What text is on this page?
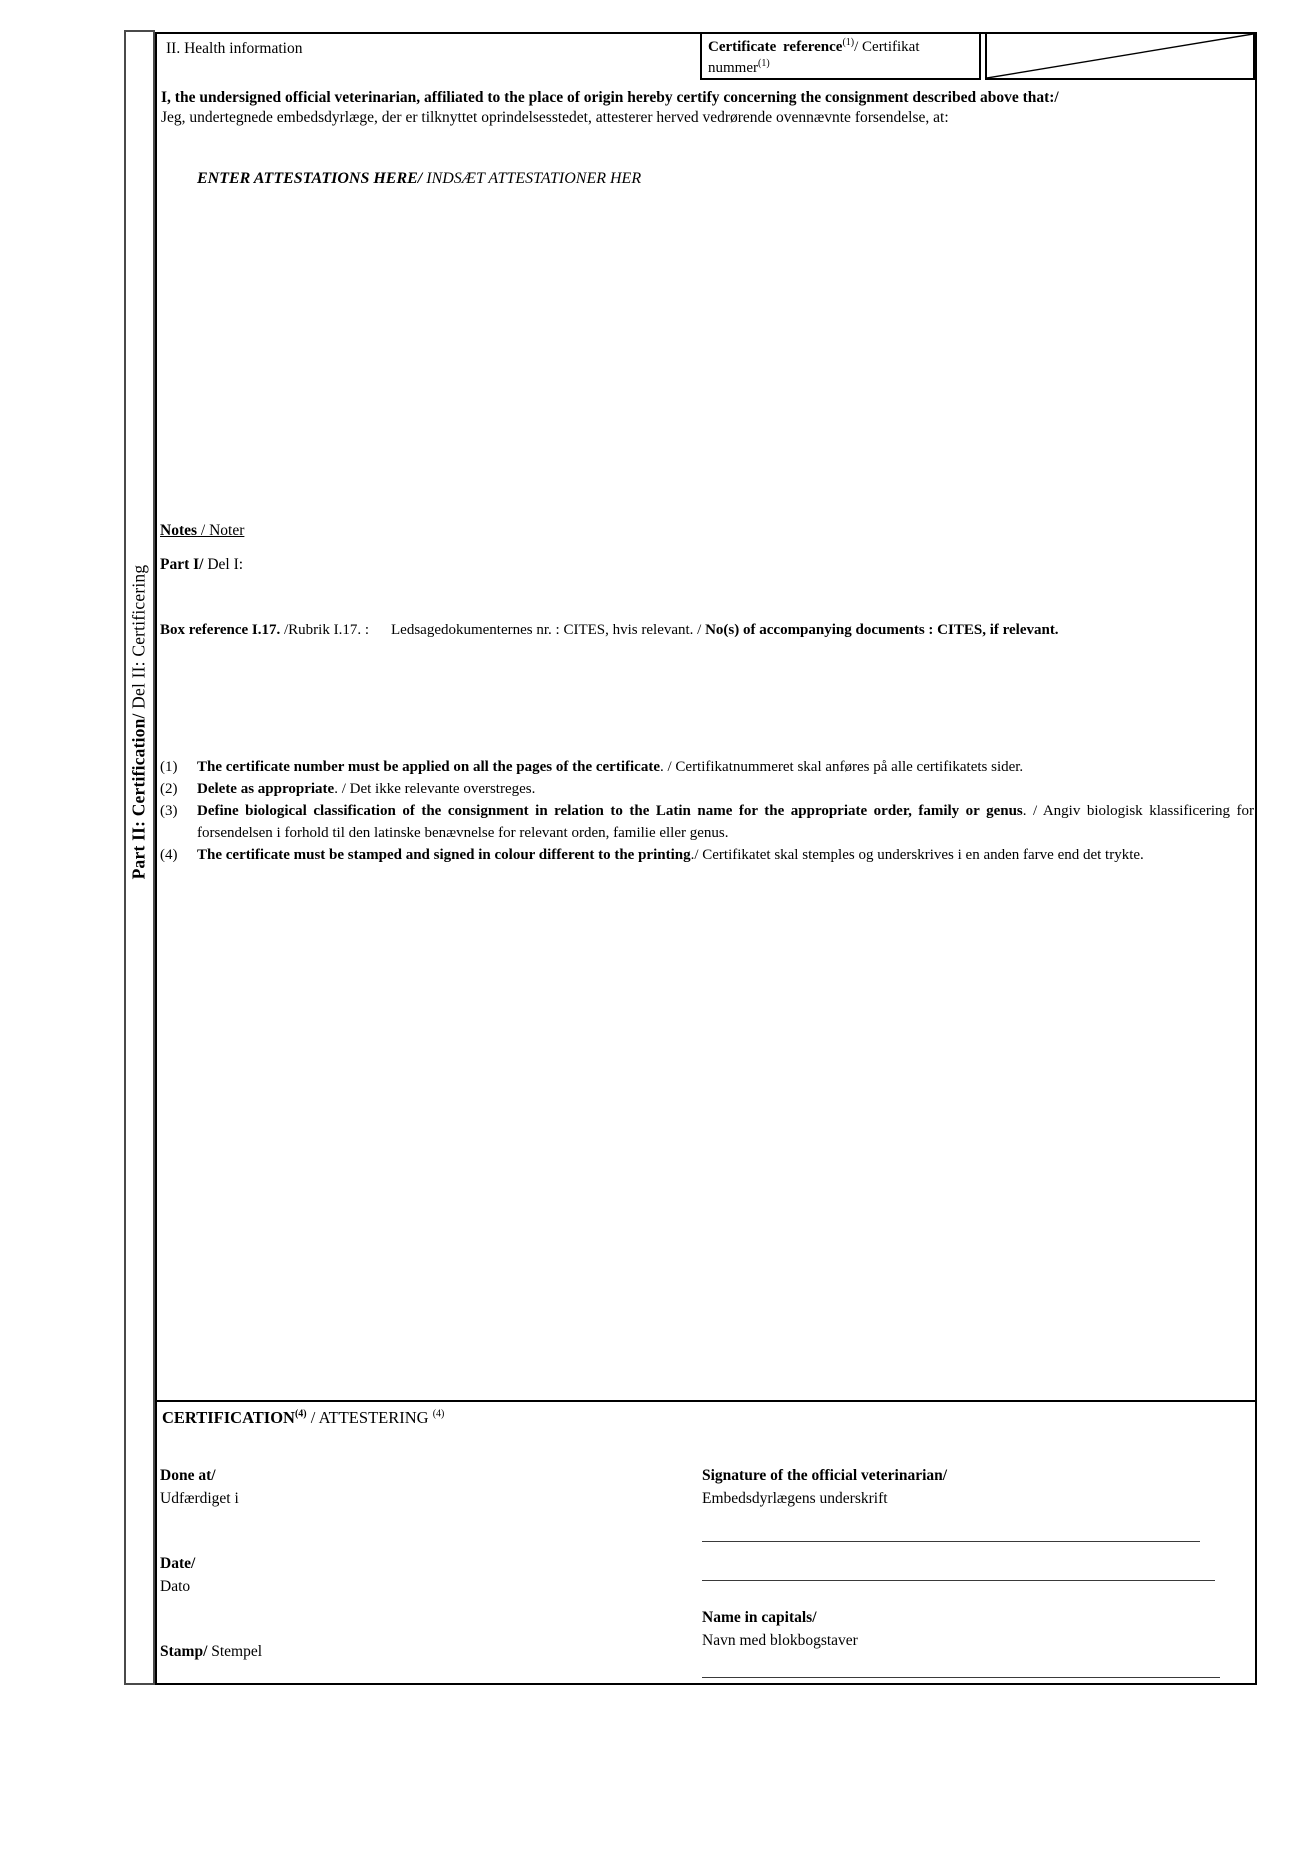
Part II: Certification/ Del II: Certificering
II. Health information	Certificate reference$^{(1)}$/ Certifikat
nummer$^{(1)}$
I, the undersigned official veterinarian, affiliated to the place of origin hereby certify concerning the consignment described above that:/
Jeg, undertegnede embedsdyrlæge, der er tilknyttet oprindelsesstedet, attesterer herved vedrørende ovennævnte forsendelse, at:
ENTER ATTESTATIONS HERE/ INDSÆT ATTESTATIONER HER
Notes / Noter
Part I/ Del I:
Box reference I.17. /Rubrik I.17. : Ledsagedokumenternes nr. : CITES, hvis relevant. / No(s) of accompanying documents : CITES, if relevant.
(1) The certificate number must be applied on all the pages of the certificate. / Certifikatnummeret skal anføres på alle certifikatets sider.
(2) Delete as appropriate. / Det ikke relevante overstreges.
(3) Define biological classification of the consignment in relation to the Latin name for the appropriate order, family or genus. / Angiv biologisk klassificering for
forsendelsen i forhold til den latinske benævnelse for relevant orden, familie eller genus.
(4) The certificate must be stamped and signed in colour different to the printing./ Certifikatet skal stemples og underskrives i en anden farve end det trykte.
CERTIFICATION$^{(4)}$ / ATTESTERING $^{(4)}$
Done at/
Udfærdiget i
Date/
Dato
Stamp/ Stempel
Signature of the official veterinarian/
Embedsdyrlægens underskrift
Name in capitals/
Navn med blokbogstaver
